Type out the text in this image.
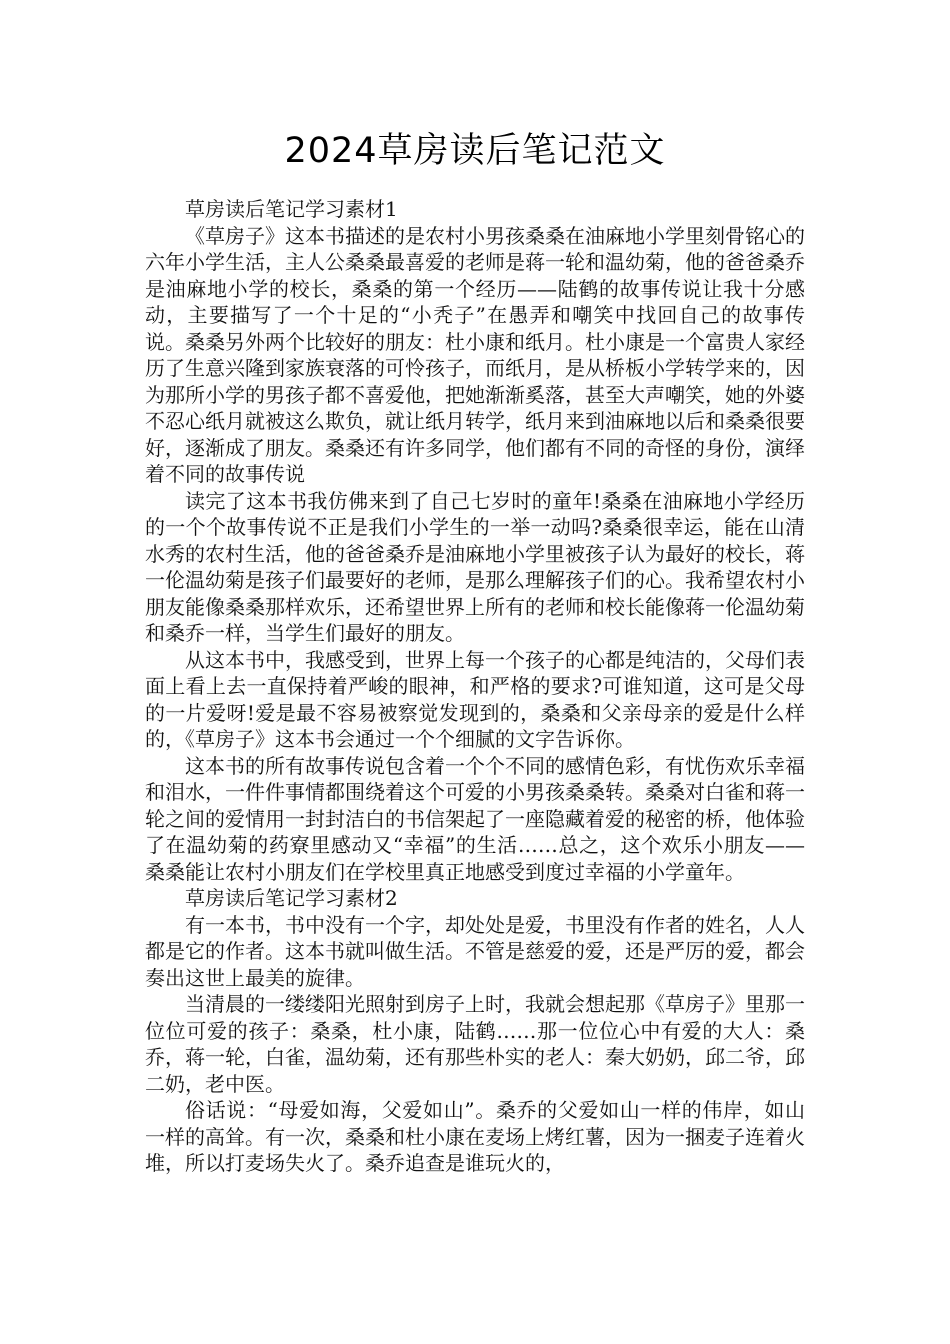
2024草房读后笔记范文

草房读后笔记学习素材1

《草房子》这本书描述的是农村小男孩桑桑在油麻地小学里刻骨铭心的六年小学生活，主人公桑桑最喜爱的老师是蒋一轮和温幼菊，他的爸爸桑乔是油麻地小学的校长，桑桑的第一个经历——陆鹤的故事传说让我十分感动，主要描写了一个十足的“小秃子”在愚弄和嘲笑中找回自己的故事传说。桑桑另外两个比较好的朋友：杜小康和纸月。杜小康是一个富贵人家经历了生意兴隆到家族衰落的可怜孩子，而纸月，是从桥板小学转学来的，因为那所小学的男孩子都不喜爱他，把她渐渐奚落，甚至大声嘲笑，她的外婆不忍心纸月就被这么欺负，就让纸月转学，纸月来到油麻地以后和桑桑很要好，逐渐成了朋友。桑桑还有许多同学，他们都有不同的奇怪的身份，演绎着不同的故事传说

读完了这本书我仿佛来到了自己七岁时的童年!桑桑在油麻地小学经历的一个个故事传说不正是我们小学生的一举一动吗?桑桑很幸运，能在山清水秀的农村生活，他的爸爸桑乔是油麻地小学里被孩子认为最好的校长，蒋一伦温幼菊是孩子们最要好的老师，是那么理解孩子们的心。我希望农村小朋友能像桑桑那样欢乐，还希望世界上所有的老师和校长能像蒋一伦温幼菊和桑乔一样，当学生们最好的朋友。

从这本书中，我感受到，世界上每一个孩子的心都是纯洁的，父母们表面上看上去一直保持着严峻的眼神，和严格的要求?可谁知道，这可是父母的一片爱呀!爱是最不容易被察觉发现到的，桑桑和父亲母亲的爱是什么样的，《草房子》这本书会通过一个个细腻的文字告诉你。

这本书的所有故事传说包含着一个个不同的感情色彩，有忧伤欢乐幸福和泪水，一件件事情都围绕着这个可爱的小男孩桑桑转。桑桑对白雀和蒋一轮之间的爱情用一封封洁白的书信架起了一座隐藏着爱的秘密的桥，他体验了在温幼菊的药寮里感动又“幸福”的生活……总之，这个欢乐小朋友——桑桑能让农村小朋友们在学校里真正地感受到度过幸福的小学童年。

草房读后笔记学习素材2

有一本书，书中没有一个字，却处处是爱，书里没有作者的姓名，人人都是它的作者。这本书就叫做生活。不管是慈爱的爱，还是严厉的爱，都会奏出这世上最美的旋律。

当清晨的一缕缕阳光照射到房子上时，我就会想起那《草房子》里那一位位可爱的孩子：桑桑，杜小康，陆鹤……那一位位心中有爱的大人：桑乔，蒋一轮，白雀，温幼菊，还有那些朴实的老人：秦大奶奶，邱二爷，邱二奶，老中医。

俗话说：“母爱如海，父爱如山”。桑乔的父爱如山一样的伟岸，如山一样的高耸。有一次，桑桑和杜小康在麦场上烤红薯，因为一捆麦子连着火堆，所以打麦场失火了。桑乔追查是谁玩火的，
